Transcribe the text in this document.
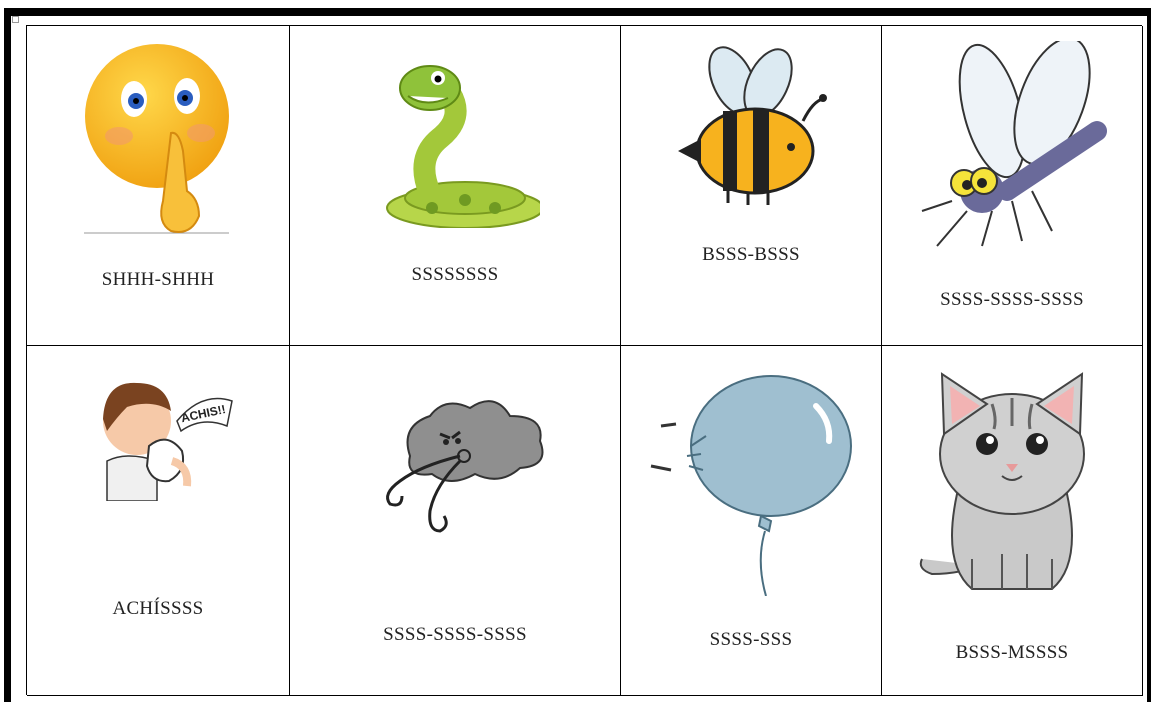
SHHH-SHHH	SSSSSSSS
BSSS-BSSS
SSSS-SSSS-SSSS
ACHIS!!
ACHÍSSSS
SSSS-SSSS-SSSS	SSSS-SSS
BSSS-MSSSS
